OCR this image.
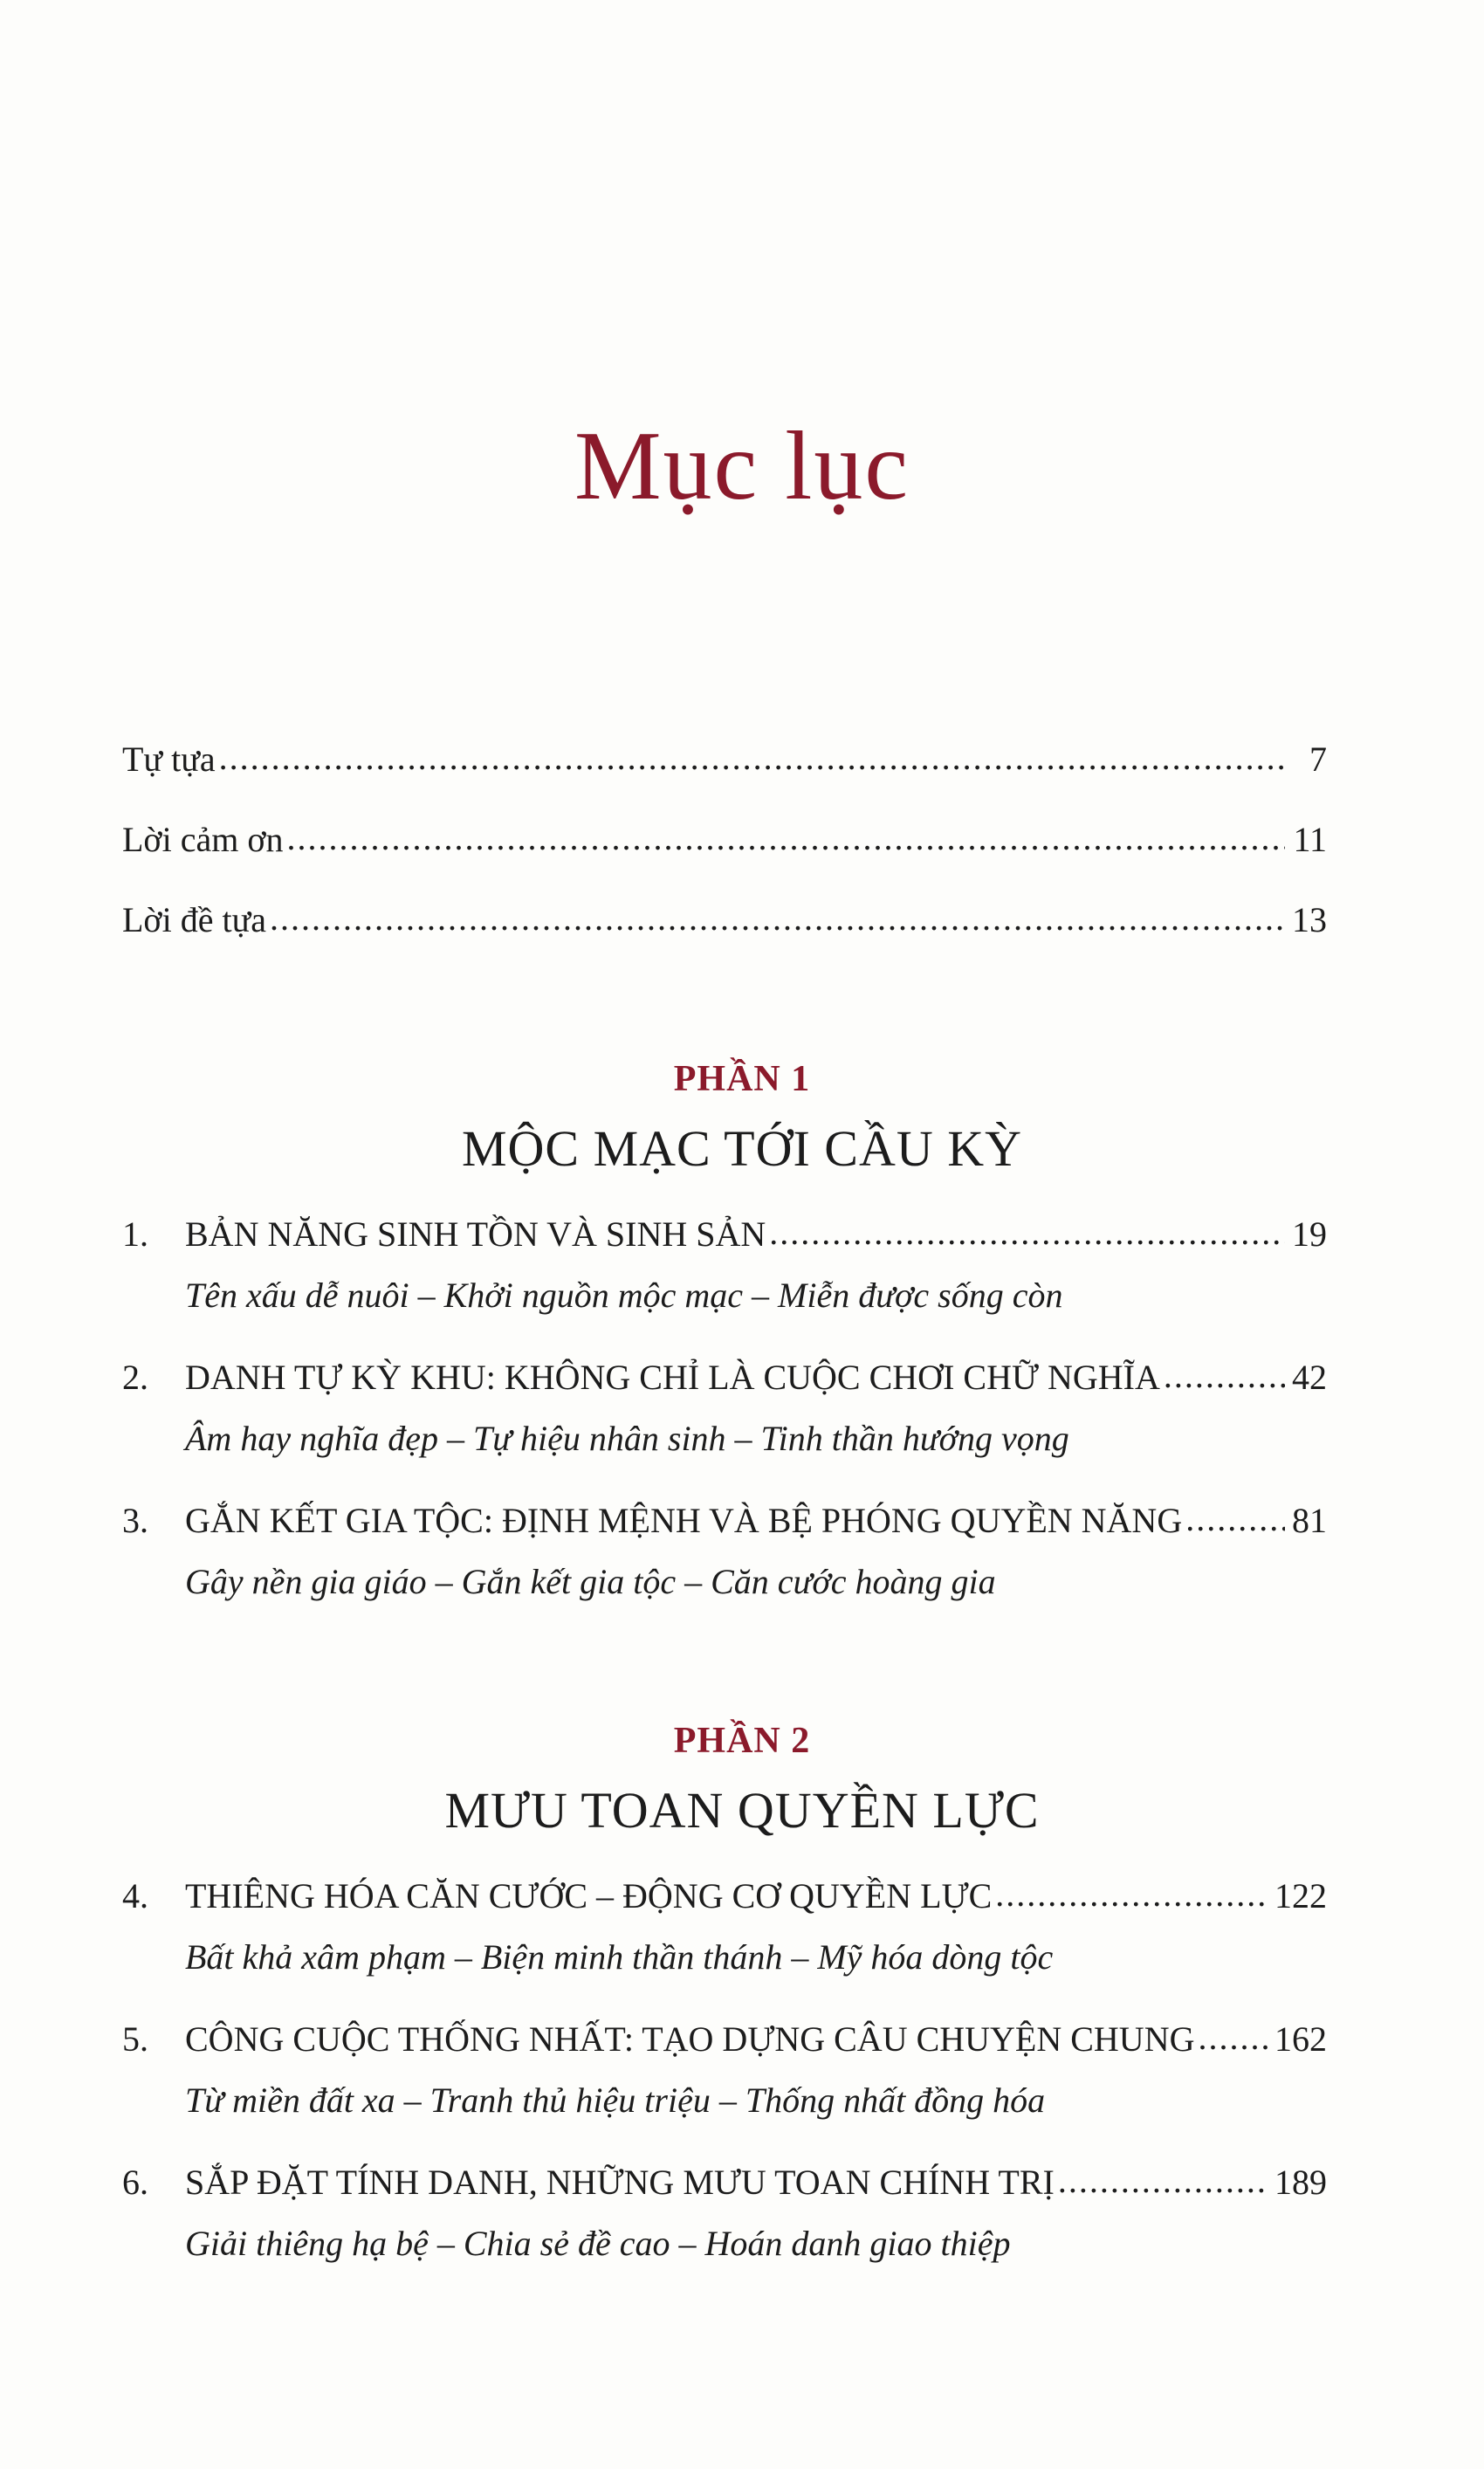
Mục lục
Tự tựa .....	7
Lời cảm ơn .....	11
Lời đề tựa .....	13
PHẦN 1
MỘC MẠC TỚI CẦU KỲ
1.	BẢN NĂNG SINH TỒN VÀ SINH SẢN .....	19
Tên xấu dễ nuôi – Khởi nguồn mộc mạc – Miễn được sống còn
2.	DANH TỰ KỲ KHU: KHÔNG CHỈ LÀ CUỘC CHƠI CHỮ NGHĨA .....	42
Âm hay nghĩa đẹp – Tự hiệu nhân sinh – Tinh thần hướng vọng
3.	GẮN KẾT GIA TỘC: ĐỊNH MỆNH VÀ BỆ PHÓNG QUYỀN NĂNG .....	81
Gây nền gia giáo – Gắn kết gia tộc – Căn cước hoàng gia
PHẦN 2
MƯU TOAN QUYỀN LỰC
4.	THIÊNG HÓA CĂN CƯỚC – ĐỘNG CƠ QUYỀN LỰC .....	122
Bất khả xâm phạm – Biện minh thần thánh – Mỹ hóa dòng tộc
5.	CÔNG CUỘC THỐNG NHẤT: TẠO DỰNG CÂU CHUYỆN CHUNG ..... 162
Từ miền đất xa – Tranh thủ hiệu triệu – Thống nhất đồng hóa
6.	SẮP ĐẶT TÍNH DANH, NHỮNG MƯU TOAN CHÍNH TRỊ .....	189
Giải thiêng hạ bệ – Chia sẻ đề cao – Hoán danh giao thiệp
